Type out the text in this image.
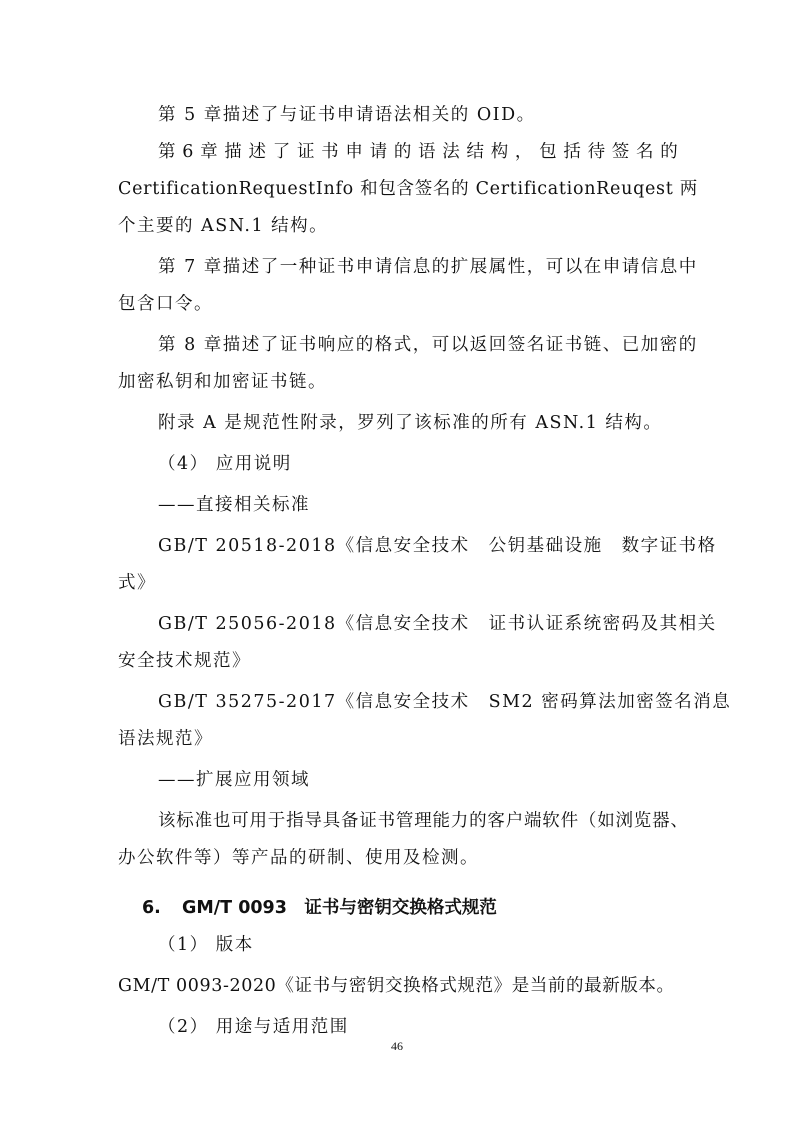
第 5 章描述了与证书申请语法相关的 OID。
第 6 章 描 述 了 证 书 申 请 的 语 法 结 构 ， 包 括 待 签 名 的
CertificationRequestInfo 和包含签名的 CertificationReuqest 两
个主要的 ASN.1 结构。
第 7 章描述了一种证书申请信息的扩展属性，可以在申请信息中
包含口令。
第 8 章描述了证书响应的格式，可以返回签名证书链、已加密的
加密私钥和加密证书链。
附录 A 是规范性附录，罗列了该标准的所有 ASN.1 结构。
（4） 应用说明
——直接相关标准
GB/T 20518-2018《信息安全技术　公钥基础设施　数字证书格
式》
GB/T 25056-2018《信息安全技术　证书认证系统密码及其相关
安全技术规范》
GB/T 35275-2017《信息安全技术　SM2 密码算法加密签名消息
语法规范》
——扩展应用领域
该标准也可用于指导具备证书管理能力的客户端软件（如浏览器、
办公软件等）等产品的研制、使用及检测。
6. GM/T 0093　证书与密钥交换格式规范
（1） 版本
GM/T 0093-2020《证书与密钥交换格式规范》是当前的最新版本。
（2） 用途与适用范围
46
